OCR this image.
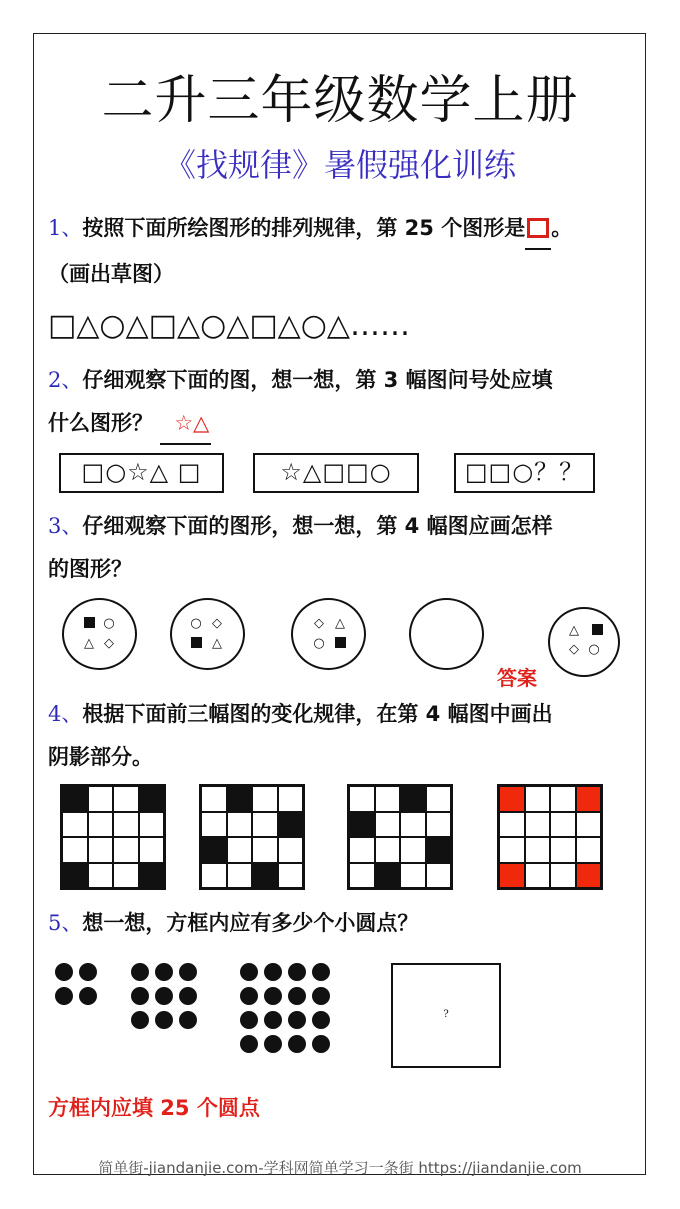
二升三年级数学上册
《找规律》暑假强化训练
1、按照下面所绘图形的排列规律，第 25 个图形是 。
（画出草图）
□△○△□△○△□△○△……
2、仔细观察下面的图，想一想，第 3 幅图问号处应填
什么图形？ ☆△
□○☆△ □	☆△□□○	□□○？？
3、仔细观察下面的图形，想一想，第 4 幅图应画怎样
的图形？
○
△ ◇
○ ◇
△
◇ △
○
答案
△
◇ ○
4、根据下面前三幅图的变化规律，在第 4 幅图中画出
阴影部分。
5、想一想，方框内应有多少个小圆点？
?
方框内应填 25 个圆点
简单街-jiandanjie.com-学科网简单学习一条街 https://jiandanjie.com
